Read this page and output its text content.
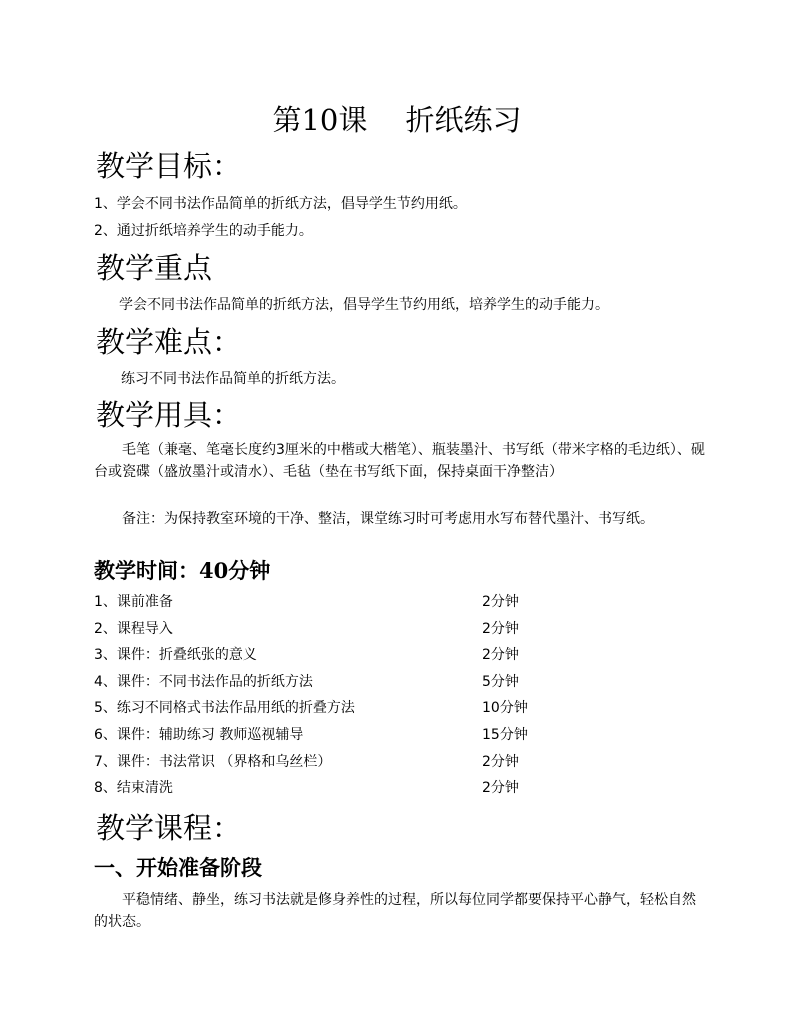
第10课　 折纸练习
教学目标：

1、学会不同书法作品简单的折纸方法，倡导学生节约用纸。

2、通过折纸培养学生的动手能力。

教学重点

学会不同书法作品简单的折纸方法，倡导学生节约用纸，培养学生的动手能力。

教学难点：

练习不同书法作品简单的折纸方法。

教学用具：

毛笔（兼毫、笔毫长度约3厘米的中楷或大楷笔）、瓶装墨汁、书写纸（带米字格的毛边纸）、砚台或瓷碟（盛放墨汁或清水）、毛毡（垫在书写纸下面，保持桌面干净整洁）

备注：为保持教室环境的干净、整洁，课堂练习时可考虑用水写布替代墨汁、书写纸。

教学时间：40分钟
1、课前准备	2分钟
2、课程导入	2分钟
3、课件：折叠纸张的意义	2分钟
4、课件：不同书法作品的折纸方法	5分钟
5、练习不同格式书法作品用纸的折叠方法	10分钟
6、课件：辅助练习 教师巡视辅导	15分钟
7、课件：书法常识 （界格和乌丝栏）	2分钟
8、结束清洗	2分钟
教学课程：
一、开始准备阶段

平稳情绪、静坐，练习书法就是修身养性的过程，所以每位同学都要保持平心静气，轻松自然的状态。
